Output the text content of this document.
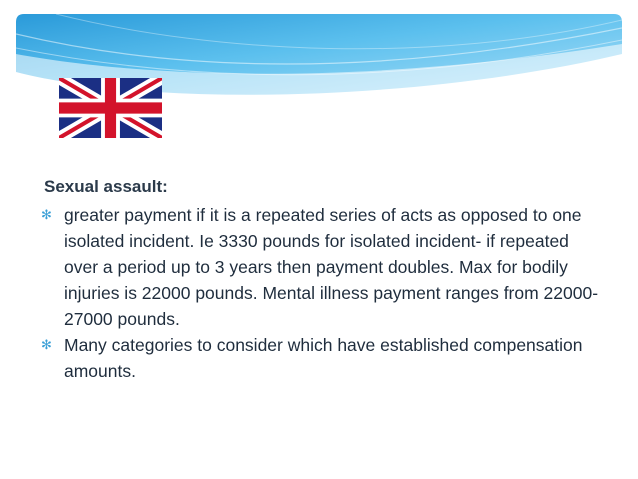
Sexual assault:
✻ greater payment if it is a repeated series of acts as opposed to one isolated incident. Ie 3330 pounds for isolated incident- if repeated over a period up to 3 years then payment doubles. Max for bodily injuries is 22000 pounds. Mental illness payment ranges from 22000-27000 pounds.
✻ Many categories to consider which have established compensation amounts.
